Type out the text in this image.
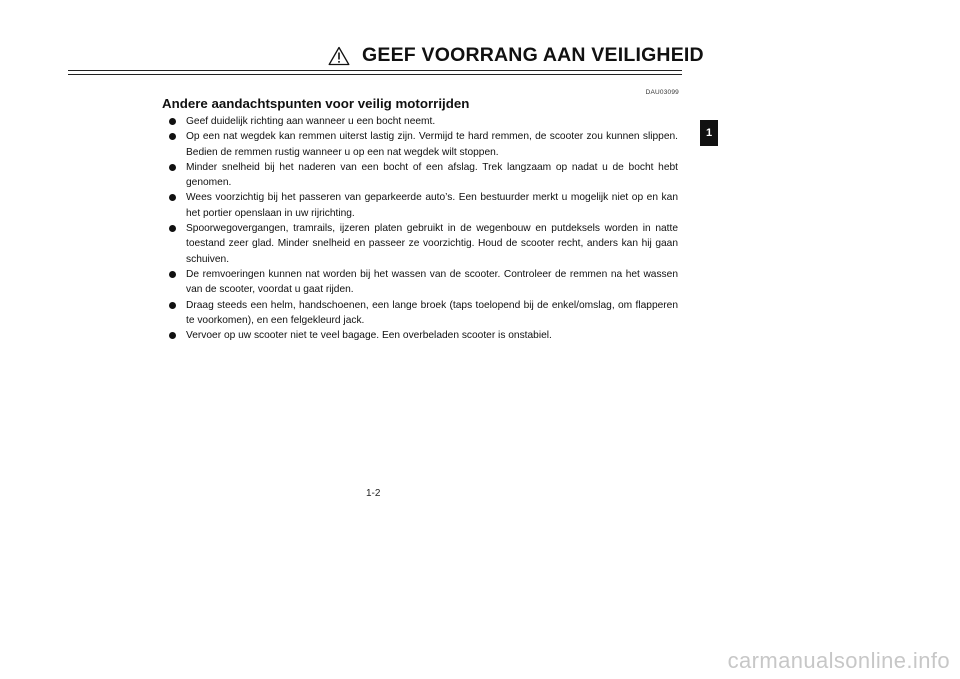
GEEF VOORRANG AAN VEILIGHEID
DAU03099
Andere aandachtspunten voor veilig motorrijden
Geef duidelijk richting aan wanneer u een bocht neemt.
Op een nat wegdek kan remmen uiterst lastig zijn. Vermijd te hard remmen, de scooter zou kunnen slippen. Bedien de remmen rustig wanneer u op een nat wegdek wilt stoppen.
Minder snelheid bij het naderen van een bocht of een afslag. Trek langzaam op nadat u de bocht hebt genomen.
Wees voorzichtig bij het passeren van geparkeerde auto’s. Een bestuurder merkt u mogelijk niet op en kan het portier openslaan in uw rijrichting.
Spoorwegovergangen, tramrails, ijzeren platen gebruikt in de wegenbouw en putdeksels worden in natte toestand zeer glad. Minder snelheid en passeer ze voorzichtig. Houd de scooter recht, anders kan hij gaan schuiven.
De remvoeringen kunnen nat worden bij het wassen van de scooter. Controleer de remmen na het wassen van de scooter, voordat u gaat rijden.
Draag steeds een helm, handschoenen, een lange broek (taps toelopend bij de enkel/omslag, om flapperen te voorkomen), en een felgekleurd jack.
Vervoer op uw scooter niet te veel bagage. Een overbeladen scooter is onstabiel.
1-2
1
carmanualsonline.info
